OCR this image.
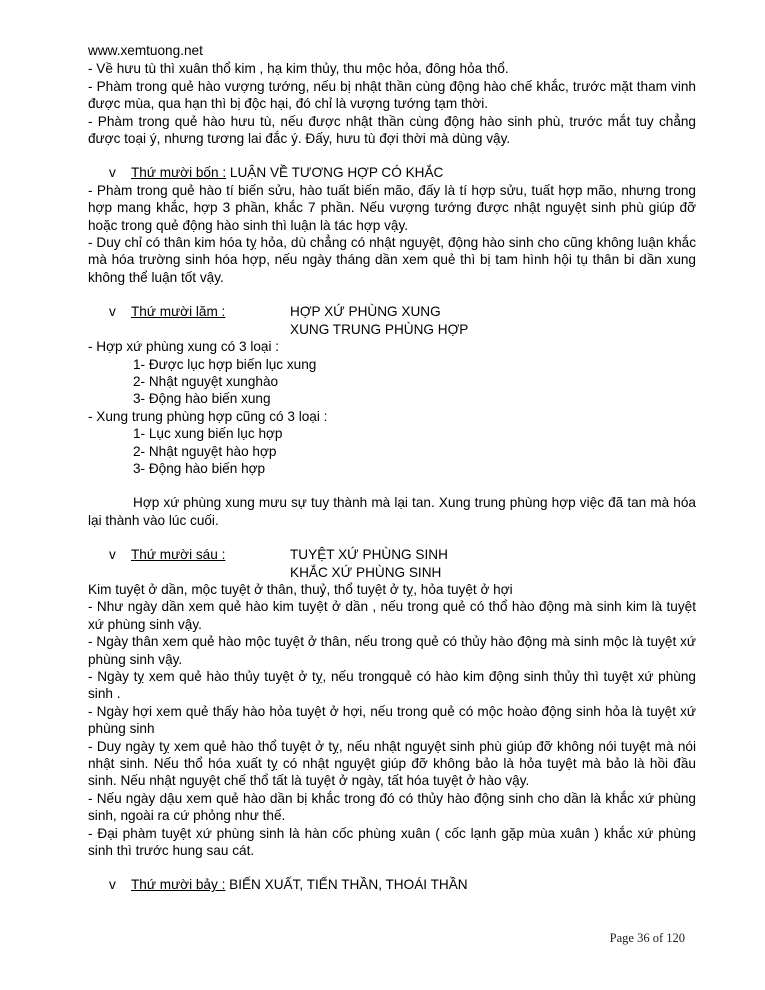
www.xemtuong.net

- Về hưu tù thì xuân thổ kim , hạ kim thủy, thu mộc hỏa, đông hỏa thổ.

- Phàm trong quẻ hào vượng tướng, nếu bị nhật thần cùng động hào chế khắc, trước mặt tham vinh được mùa, qua hạn thì bị độc hại, đó chỉ là vượng tướng tạm thời.

- Phàm trong quẻ hào hưu tù, nếu được nhật thần cùng động hào sinh phù, trước mắt tuy chẳng được toại ý, nhưng tương lai đắc ý. Đấy, hưu tù đợi thời mà dùng vậy.

v	Thứ mười bốn : LUẬN VỀ TƯƠNG HỢP CÓ KHẮC

- Phàm trong quẻ hào tí biến sửu, hào tuất biến mão, đấy là tí hợp sửu, tuất hợp mão, nhưng trong hợp mang khắc, hợp 3 phần, khắc 7 phần. Nếu vượng tướng được nhật nguyệt sinh phù giúp đỡ hoặc trong quẻ động hào sinh thì luận là tác hợp vậy.

- Duy chỉ có thân kim hóa tỵ hỏa, dù chẳng có nhật nguyệt, động hào sinh cho cũng không luận khắc mà hóa trường sinh hóa hợp, nếu ngày tháng dần xem quẻ thì bị tam hình hội tụ thân bi dần xung không thể luận tốt vậy.

v	Thứ mười lăm :	HỢP XỨ PHÙNG XUNG
XUNG TRUNG PHÙNG HỢP

- Hợp xứ phùng xung có 3 loại :

1- Được lục hợp biến lục xung

2- Nhật nguyệt xunghào

3- Động hào biến xung

- Xung trung phùng hợp cũng có 3 loại :

1- Lục xung biến lục hợp

2- Nhật nguyệt hào hợp

3- Động hào biến hợp

Hợp xứ phùng xung mưu sự tuy thành mà lại tan. Xung trung phùng hợp việc đã tan mà hóa lại thành vào lúc cuối.

v	Thứ mười sáu :	TUYỆT XỨ PHÙNG SINH
KHẮC XỨ PHÙNG SINH

Kim tuyệt ở dần, mộc tuyệt ở thân, thuỷ, thổ tuyệt ở tỵ, hỏa tuyệt ở hợi

- Như ngày dần xem quẻ hào kim tuyệt ở dần , nếu trong quẻ có thổ hào động mà sinh kim là tuyệt xứ phùng sinh vậy.

- Ngày thân xem quẻ hào mộc tuyệt ở thân, nếu trong quẻ có thủy hào động mà sinh mộc là tuyệt xứ phùng sinh vậy.

- Ngày tỵ xem quẻ hào thủy tuyệt ở tỵ, nếu trongquẻ có hào kim động sinh thủy thì tuyệt xứ phùng sinh .

- Ngày hợi xem quẻ thấy hào hỏa tuyệt ở hợi, nếu trong quẻ có mộc hoào động sinh hỏa là tuyệt xứ phùng sinh

- Duy ngày tỵ xem quẻ hào thổ tuyệt ở tỵ, nếu nhật nguyệt sinh phù giúp đỡ không nói tuyệt mà nói nhật sinh. Nếu thổ hóa xuất tỵ có nhật nguyệt giúp đỡ không bảo là hỏa tuyệt mà bảo là hồi đầu sinh. Nếu nhật nguyệt chế thổ tất là tuyệt ở ngày, tất hóa tuyệt ở hào vậy.

- Nếu ngày dậu xem quẻ hào dần bị khắc trong đó có thủy hào động sinh cho dần là khắc xứ phùng sinh, ngoài ra cứ phỏng như thế.

- Đại phàm tuyệt xứ phùng sinh là hàn cốc phùng xuân ( cốc lạnh gặp mùa xuân ) khắc xứ phùng sinh thì trước hung sau cát.

v	Thứ mười bảy : BIẾN XUẤT, TIẾN THẦN, THOÁI THẦN
Page 36 of 120
